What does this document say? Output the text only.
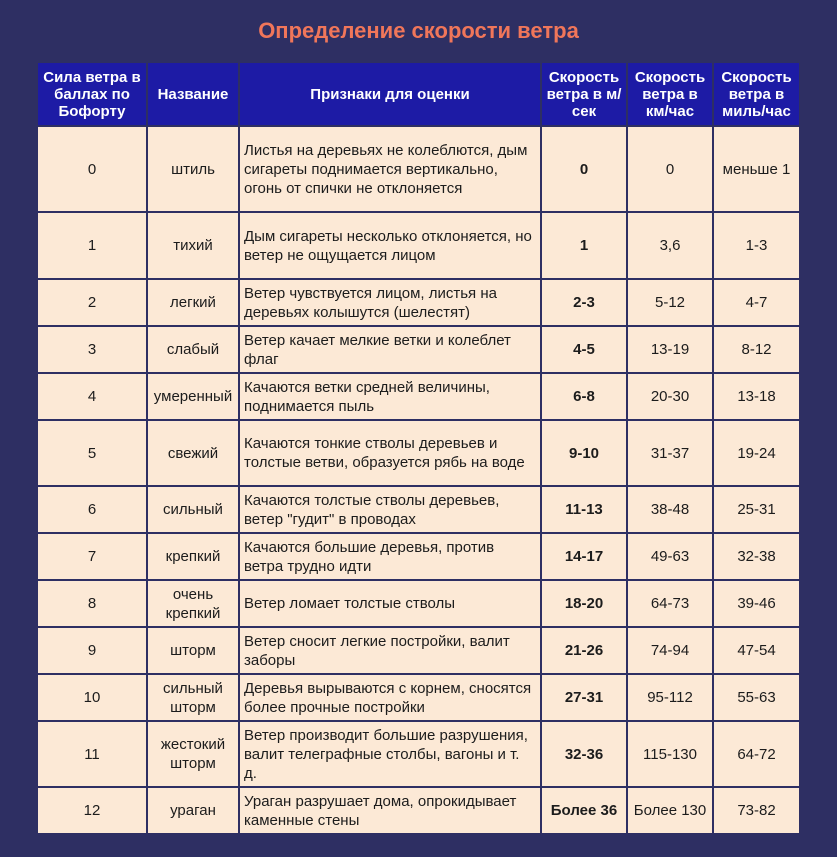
Определение скорости ветра
Сила ветра в баллах по Бофорту	Название	Признаки для оценки	Скорость ветра в м/сек	Скорость ветра в км/час	Скорость ветра в миль/час
0	штиль	Листья на деревьях не колеблются, дым сигареты поднимается вертикально, огонь от спички не отклоняется	0	0	меньше 1
1	тихий	Дым сигареты несколько отклоняется, но ветер не ощущается лицом	1	3,6	1-3
2	легкий	Ветер чувствуется лицом, листья на деревьях колышутся (шелестят)	2-3	5-12	4-7
3	слабый	Ветер качает мелкие ветки и колеблет флаг	4-5	13-19	8-12
4	умеренный	Качаются ветки средней величины, поднимается пыль	6-8	20-30	13-18
5	свежий	Качаются тонкие стволы деревьев и толстые ветви, образуется рябь на воде	9-10	31-37	19-24
6	сильный	Качаются толстые стволы деревьев, ветер "гудит" в проводах	11-13	38-48	25-31
7	крепкий	Качаются большие деревья, против ветра трудно идти	14-17	49-63	32-38
8	очень крепкий	Ветер ломает толстые стволы	18-20	64-73	39-46
9	шторм	Ветер сносит легкие постройки, валит заборы	21-26	74-94	47-54
10	сильный шторм	Деревья вырываются с корнем, сносятся более прочные постройки	27-31	95-112	55-63
11	жестокий шторм	Ветер производит большие разрушения, валит телеграфные столбы, вагоны и т. д.	32-36	115-130	64-72
12	ураган	Ураган разрушает дома, опрокидывает каменные стены	Более 36	Более 130	73-82
